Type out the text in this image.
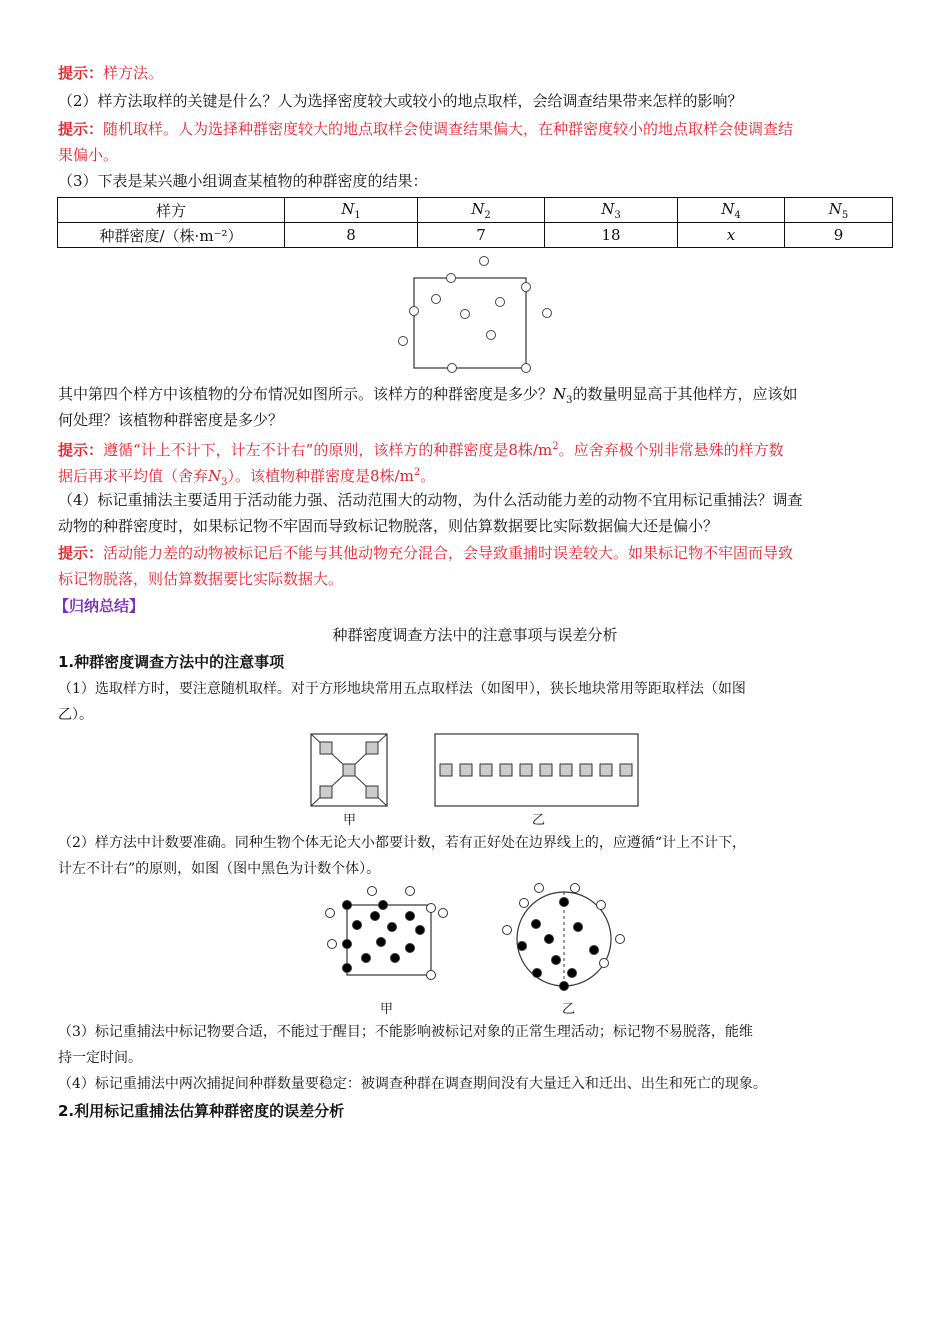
提示：样方法。
（2）样方法取样的关键是什么？人为选择密度较大或较小的地点取样，会给调查结果带来怎样的影响？
提示：随机取样。人为选择种群密度较大的地点取样会使调查结果偏大，在种群密度较小的地点取样会使调查结
果偏小。
（3）下表是某兴趣小组调查某植物的种群密度的结果：
样方	$N_1$	$N_2$	$N_3$	$N_4$	$N_5$
种群密度/（株·m⁻²）	8	7	18	x	9
其中第四个样方中该植物的分布情况如图所示。该样方的种群密度是多少？$N_3$的数量明显高于其他样方，应该如
何处理？该植物种群密度是多少？
提示：遵循“计上不计下，计左不计右”的原则，该样方的种群密度是8株$/m^2$。应舍弃极个别非常悬殊的样方数
据后再求平均值（舍弃$N_3$）。该植物种群密度是8株$/m^2$。
（4）标记重捕法主要适用于活动能力强、活动范围大的动物，为什么活动能力差的动物不宜用标记重捕法？调查
动物的种群密度时，如果标记物不牢固而导致标记物脱落，则估算数据要比实际数据偏大还是偏小？
提示：活动能力差的动物被标记后不能与其他动物充分混合，会导致重捕时误差较大。如果标记物不牢固而导致
标记物脱落，则估算数据要比实际数据大。
【归纳总结】
种群密度调查方法中的注意事项与误差分析
1.种群密度调查方法中的注意事项
（1）选取样方时，要注意随机取样。对于方形地块常用五点取样法（如图甲），狭长地块常用等距取样法（如图
乙）。
甲	乙
（2）样方法中计数要准确。同种生物个体无论大小都要计数，若有正好处在边界线上的，应遵循“计上不计下，
计左不计右”的原则，如图（图中黑色为计数个体）。
甲	乙
（3）标记重捕法中标记物要合适，不能过于醒目；不能影响被标记对象的正常生理活动；标记物不易脱落，能维
持一定时间。
（4）标记重捕法中两次捕捉间种群数量要稳定：被调查种群在调查期间没有大量迁入和迁出、出生和死亡的现象。
2.利用标记重捕法估算种群密度的误差分析
